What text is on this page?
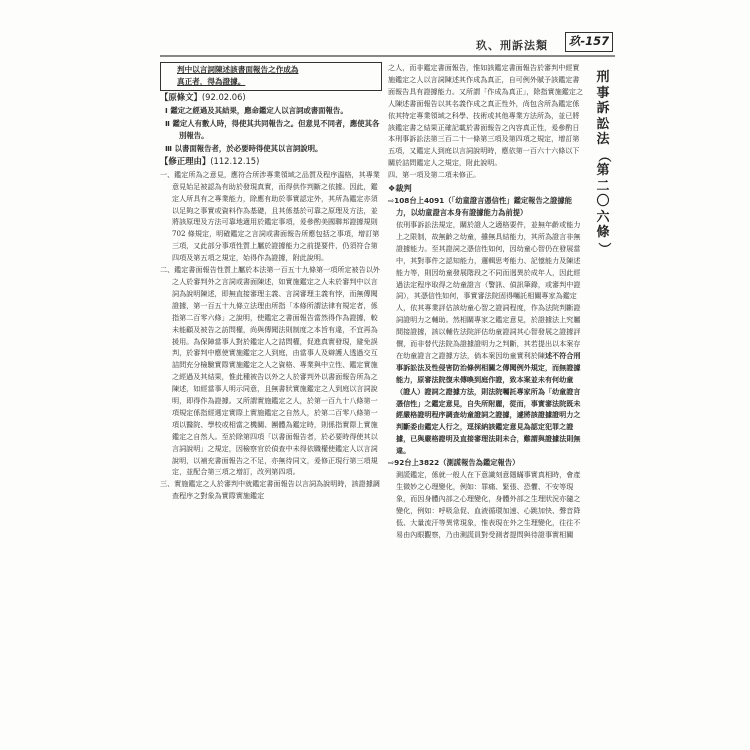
玖、刑訴法類	玖-157
刑
事
訴
訟
法
（
第
二
〇
六
條
）
判中以言詞陳述該書面報告之作成為
真正者，得為證據。
【原條文】(92.02.06)
Ⅰ 鑑定之經過及其結果，應命鑑定人以言詞或書面報告。
Ⅱ 鑑定人有數人時，得使其共同報告之。但意見不同者，應使其各別報告。
Ⅲ 以書面報告者，於必要時得使其以言詞說明。
【修正理由】(112.12.15)

一、鑑定所為之意見，應符合所涉專業領域之品質及程序溫格，其專業意見始足被認為有助於發現真實，而得供作判斷之依據。因此，鑑定人所具有之專業能力，除應有助於事實認定外，其所為鑑定亦須以足夠之事實或資料作為基礎，且其係基於可靠之原理及方法，並將該原理及方法可靠地適用於鑑定事項，爰參酌美國聯邦證據規則 702 條規定，明確鑑定之言詞或書面報告所應包括之事項，增訂第三項，又此部分事項性質上屬於證據能力之前提要件，仍須符合第四項及第五項之規定，始得作為證據，附此說明。

二、鑑定書面報告性質上屬於本法第一百五十九條第一項所定被告以外之人於審判外之言詞或書面陳述，如實施鑑定之人未於審判中以言詞為說明陳述，即無直接審理主義、言詞審理主義有悖，而無傳聞證據，第一百五十九條立法理由所指「本條所謂法律有規定者，係指第二百零六條」之說明，使鑑定之書面報告當然得作為證據，較未能顧及被告之訪問權，尚與傳聞法則制度之本旨有違，不宜再為援用。為保障當事人對於鑑定人之詰問權，促進真實發現，避免誤判，於審判中應使實施鑑定之人到庭，由當事人及辯護人透過交互詰問充分檢驗實際實施鑑定之人之資格、專業與中立性、鑑定實施之經過及其結果，惟此種被告以外之人於審判外以書面報告所為之陳述，如經當事人明示同意，且無書狀實施鑑定之人到庭以言詞說明，即得作為證據。又所謂實施鑑定之人，於第一百九十八條第一項規定係指經選定實際上實施鑑定之自然人，於第二百零八條第一項以醫院、學校或相當之機關、團體為鑑定時，則係指實際上實施鑑定之自然人。至於除第四項「以書面報告者，於必要時得使其以言詞說明」之規定，因檢察官於偵查中未得依職權使鑑定人以言詞說明，以補充書面報告之不足，亦無待同文，爰修正現行第三項規定，並配合第三項之增訂，改列第四項。

三、實施鑑定之人於審判中就鑑定書面報告以言詞為說明時，該證據調查程序之對象為實際實施鑑定

之人，而非鑑定書面報告，惟如該鑑定書面報告於審判中經實施鑑定之人以言詞陳述其作成為真正，自可例外賦予該鑑定書面報告具有證據能力。又所謂「作成為真正」，除指實施鑑定之人陳述書面報告以其名義作成之真正性外，尚包含所為鑑定係依其特定專業領域之科學、技術或其他專業方法所為，並已將該鑑定書之結果正確記載於書面報告之內容真正性，爰參酌日本刑事訴訟法第三百二十一條第三項及第四項之規定，增訂第五項，又鑑定人到庭以言詞說明時，應依第一百六十六條以下關於詰問鑑定人之規定，附此說明。

四、第一項及第二項未修正。

❖裁判
⇨108台上4091（「幼童證言憑信性」鑑定報告之證據能力，以幼童證言本身有證據能力為前提）
依刑事訴訟法規定，關於證人之適格要件，並無年齡或能力上之限制，故無齡之幼童，雖無具結能力，其所為證言非無證據能力。至其證詞之憑信性如何，因幼童心智仍在發展當中，其對事件之認知能力，邏輯思考能力、記憶能力及陳述能力等，則因幼童發展階段之不同而迥異於成年人，因此經過法定程序取得之幼童證言（警訊、偵訊筆錄，或審判中證詞），其憑信性如何，事實審法院固得囑託相關專家為鑑定人，依其專業評估該幼童心智之證詞程度，作為法院判斷證詞證明力之輔助。然相關專家之鑑定意見，於證據法上究屬間接證據，該以輔佐法院評估幼童證詞其心智發展之證據評價，而非替代法院為證據證明力之判斷，其若提出以本案存在幼童證言之證據方法，倘本案因幼童實利於陳述不符合刑事訴訟法及性侵害防治條例相關之傳聞例外規定，而無證據能力，原審法院復未傳喚到庭作證，致本案並未有何幼童（證人）證詞之證據方法，則法院囑託專家所為「幼童證言憑信性」之鑑定意見，自失所附麗，從而，事實審法院既未經嚴格證明程序調查幼童證詞之證據，遽將該證據證明力之判斷委由鑑定人行之，逕採納該鑑定意見為認定犯罪之證據，已與嚴格證明及直接審理法則未合，難謂與證據法則無違。
⇨92台上3822（測謊報告為鑑定報告）
測謊鑑定，係就一般人在下意識刻意隱瞞事實真相時，會產生微妙之心理變化，例如：罪痛、緊張、恐懼、不安等現象，而因身體內部之心理變化，身體外部之生理狀況亦隨之變化，例如：呼吸急促、血液循環加速、心跳加快、聲音降低、大量流汗等異常現象，惟表現在外之生理變化，往往不易由內眼觀察，乃由測謊員對受測者提問與待證事實相關
